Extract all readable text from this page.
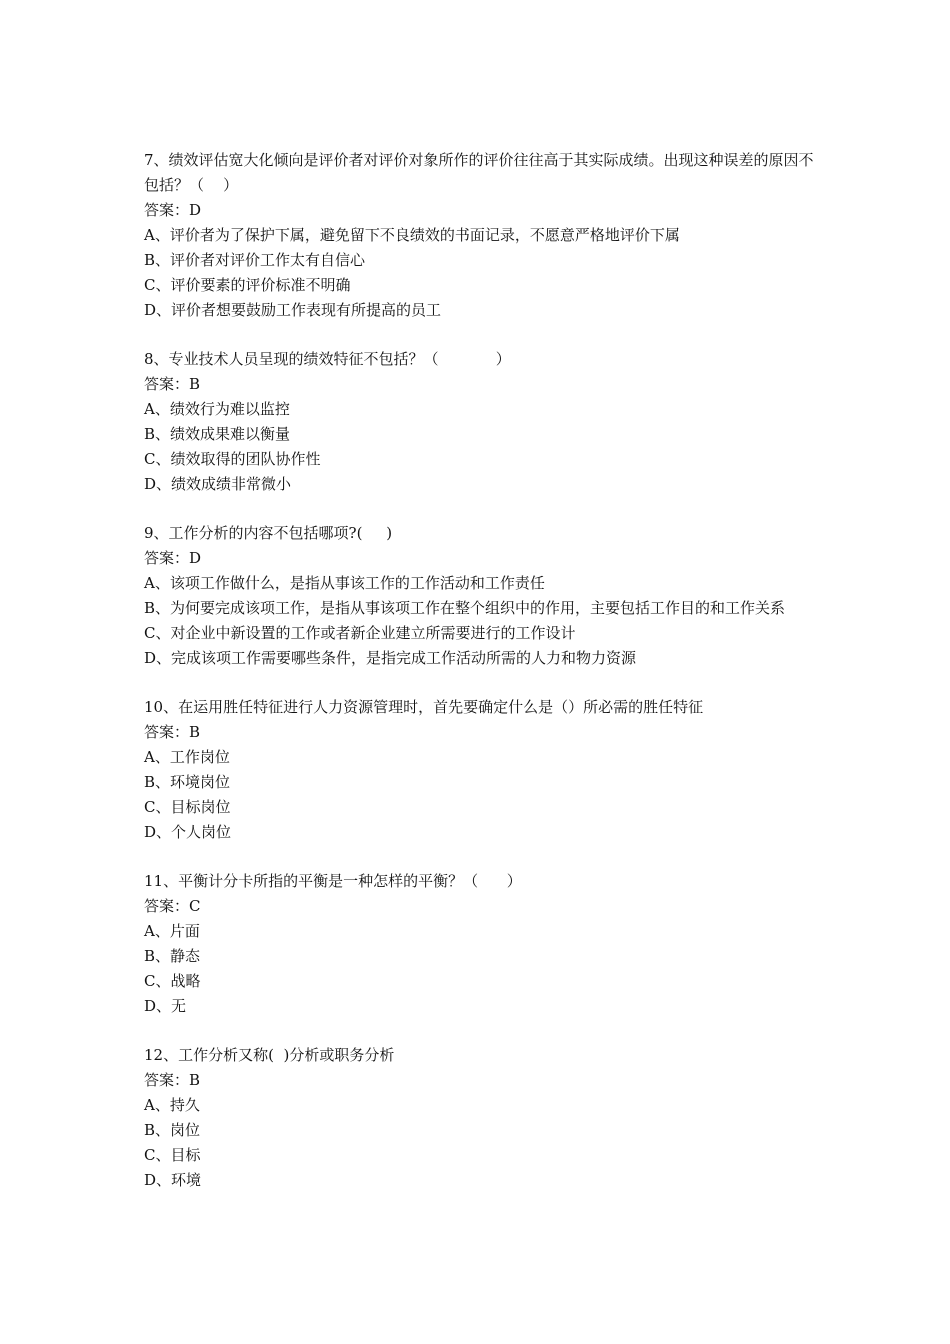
7、绩效评估宽大化倾向是评价者对评价对象所作的评价往往高于其实际成绩。出现这种误差的原因不包括？（    ）
答案：D
A、评价者为了保护下属，避免留下不良绩效的书面记录，不愿意严格地评价下属
B、评价者对评价工作太有自信心
C、评价要素的评价标准不明确
D、评价者想要鼓励工作表现有所提高的员工
8、专业技术人员呈现的绩效特征不包括？（            ）
答案：B
A、绩效行为难以监控
B、绩效成果难以衡量
C、绩效取得的团队协作性
D、绩效成绩非常微小
9、工作分析的内容不包括哪项?(     )
答案：D
A、该项工作做什么，是指从事该工作的工作活动和工作责任
B、为何要完成该项工作，是指从事该项工作在整个组织中的作用，主要包括工作目的和工作关系
C、对企业中新设置的工作或者新企业建立所需要进行的工作设计
D、完成该项工作需要哪些条件，是指完成工作活动所需的人力和物力资源
10、在运用胜任特征进行人力资源管理时，首先要确定什么是（）所必需的胜任特征
答案：B
A、工作岗位
B、环境岗位
C、目标岗位
D、个人岗位
11、平衡计分卡所指的平衡是一种怎样的平衡？（      ）
答案：C
A、片面
B、静态
C、战略
D、无
12、工作分析又称(  )分析或职务分析
答案：B
A、持久
B、岗位
C、目标
D、环境
